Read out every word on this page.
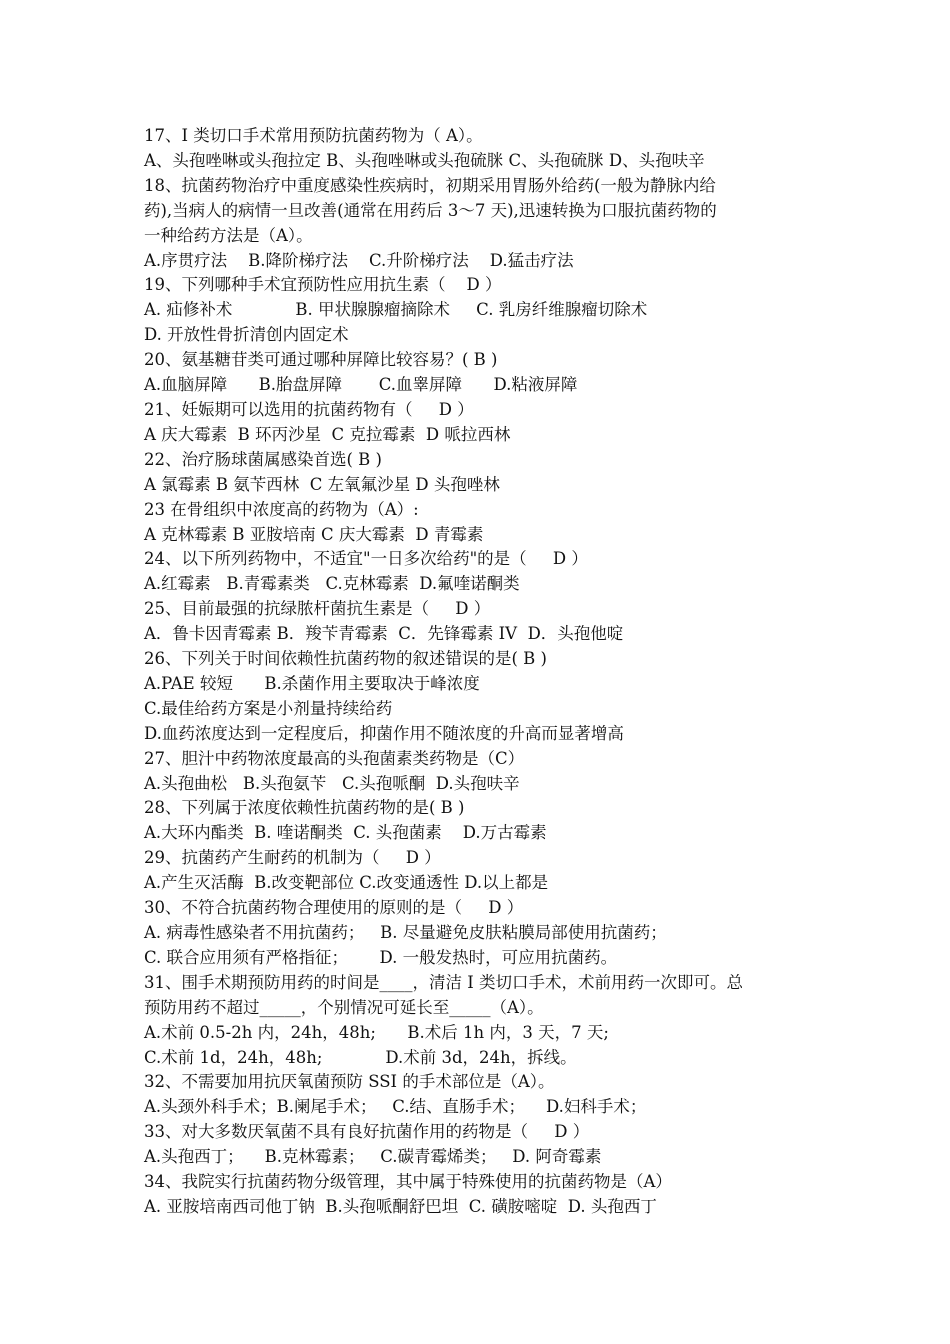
17、I 类切口手术常用预防抗菌药物为（ A）。
A、头孢唑啉或头孢拉定 B、头孢唑啉或头孢硫脒 C、头孢硫脒 D、头孢呋辛
18、抗菌药物治疗中重度感染性疾病时，初期采用胃肠外给药(一般为静脉内给
药),当病人的病情一旦改善(通常在用药后 3～7 天),迅速转换为口服抗菌药物的
一种给药方法是（A）。
A.序贯疗法    B.降阶梯疗法    C.升阶梯疗法    D.猛击疗法
19、下列哪种手术宜预防性应用抗生素（    D ）
A. 疝修补术            B. 甲状腺腺瘤摘除术     C. 乳房纤维腺瘤切除术
D. 开放性骨折清创内固定术
20、氨基糖苷类可通过哪种屏障比较容易？( B )
A.血脑屏障      B.胎盘屏障       C.血睾屏障      D.粘液屏障
21、妊娠期可以选用的抗菌药物有（     D ）
A 庆大霉素  B 环丙沙星  C 克拉霉素  D 哌拉西林
22、治疗肠球菌属感染首选( B )
A 氯霉素 B 氨苄西林  C 左氧氟沙星 D 头孢唑林
23 在骨组织中浓度高的药物为（A）:
A 克林霉素 B 亚胺培南 C 庆大霉素  D 青霉素
24、以下所列药物中，不适宜"一日多次给药"的是（     D ）
A.红霉素   B.青霉素类   C.克林霉素  D.氟喹诺酮类
25、目前最强的抗绿脓杆菌抗生素是（     D ）
A．鲁卡因青霉素 B．羧苄青霉素  C．先锋霉素 IV  D．头孢他啶
26、下列关于时间依赖性抗菌药物的叙述错误的是( B )
A.PAE 较短      B.杀菌作用主要取决于峰浓度
C.最佳给药方案是小剂量持续给药
D.血药浓度达到一定程度后，抑菌作用不随浓度的升高而显著增高
27、胆汁中药物浓度最高的头孢菌素类药物是（C）
A.头孢曲松   B.头孢氨苄   C.头孢哌酮  D.头孢呋辛
28、下列属于浓度依赖性抗菌药物的是( B )
A.大环内酯类  B. 喹诺酮类  C. 头孢菌素    D.万古霉素
29、抗菌药产生耐药的机制为（     D ）
A.产生灭活酶  B.改变靶部位 C.改变通透性 D.以上都是
30、不符合抗菌药物合理使用的原则的是（     D ）
A. 病毒性感染者不用抗菌药；   B. 尽量避免皮肤粘膜局部使用抗菌药；
C. 联合应用须有严格指征；      D. 一般发热时，可应用抗菌药。
31、围手术期预防用药的时间是____，清洁 I 类切口手术，术前用药一次即可。总
预防用药不超过_____，个别情况可延长至_____（A）。
A.术前 0.5-2h 内，24h，48h;      B.术后 1h 内，3 天，7 天;
C.术前 1d，24h，48h;            D.术前 3d，24h，拆线。
32、不需要加用抗厌氧菌预防 SSI 的手术部位是（A）。
A.头颈外科手术；B.阑尾手术；   C.结、直肠手术；    D.妇科手术；
33、对大多数厌氧菌不具有良好抗菌作用的药物是（     D ）
A.头孢西丁；    B.克林霉素；   C.碳青霉烯类；   D. 阿奇霉素
34、我院实行抗菌药物分级管理，其中属于特殊使用的抗菌药物是（A）
A. 亚胺培南西司他丁钠  B.头孢哌酮舒巴坦  C. 磺胺嘧啶  D. 头孢西丁
